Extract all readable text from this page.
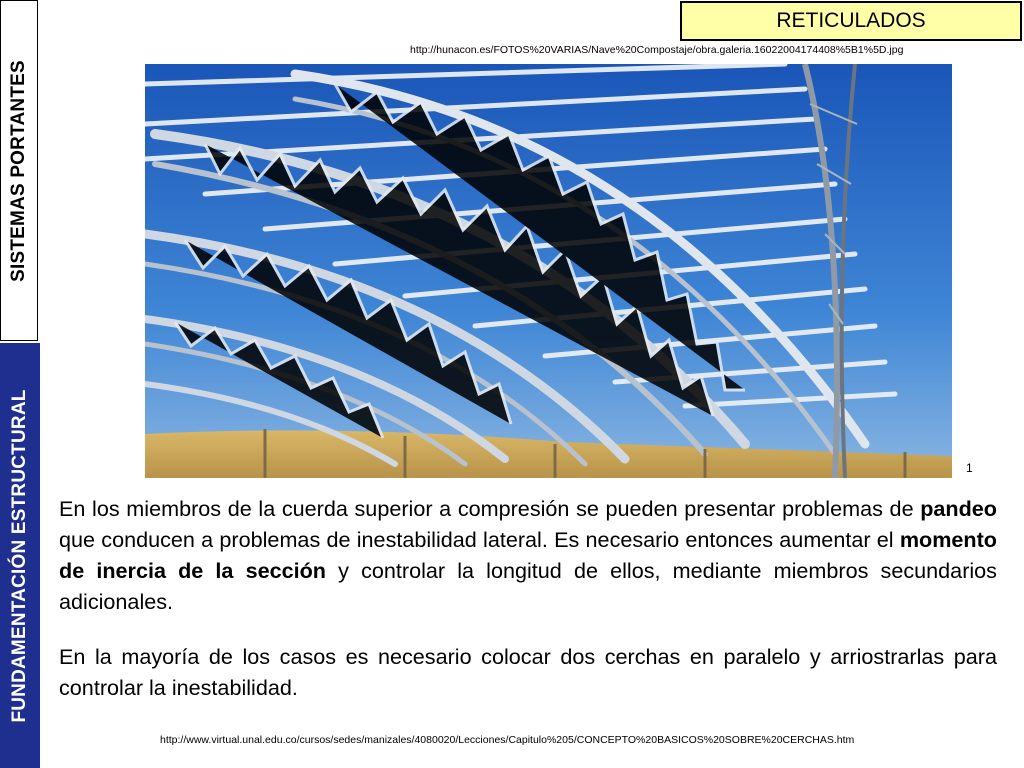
SISTEMAS PORTANTES
FUNDAMENTACIÓN ESTRUCTURAL
RETICULADOS
http://hunacon.es/FOTOS%20VARIAS/Nave%20Compostaje/obra.galeria.16022004174408%5B1%5D.jpg
1

En los miembros de la cuerda superior a compresión se pueden presentar problemas de pandeo que conducen a problemas de inestabilidad lateral. Es necesario entonces aumentar el momento de inercia de la sección y controlar la longitud de ellos, mediante miembros secundarios adicionales.

En la mayoría de los casos es necesario colocar dos cerchas en paralelo y arriostrarlas para controlar la inestabilidad.

http://www.virtual.unal.edu.co/cursos/sedes/manizales/4080020/Lecciones/Capitulo%205/CONCEPTO%20BASICOS%20SOBRE%20CERCHAS.htm
